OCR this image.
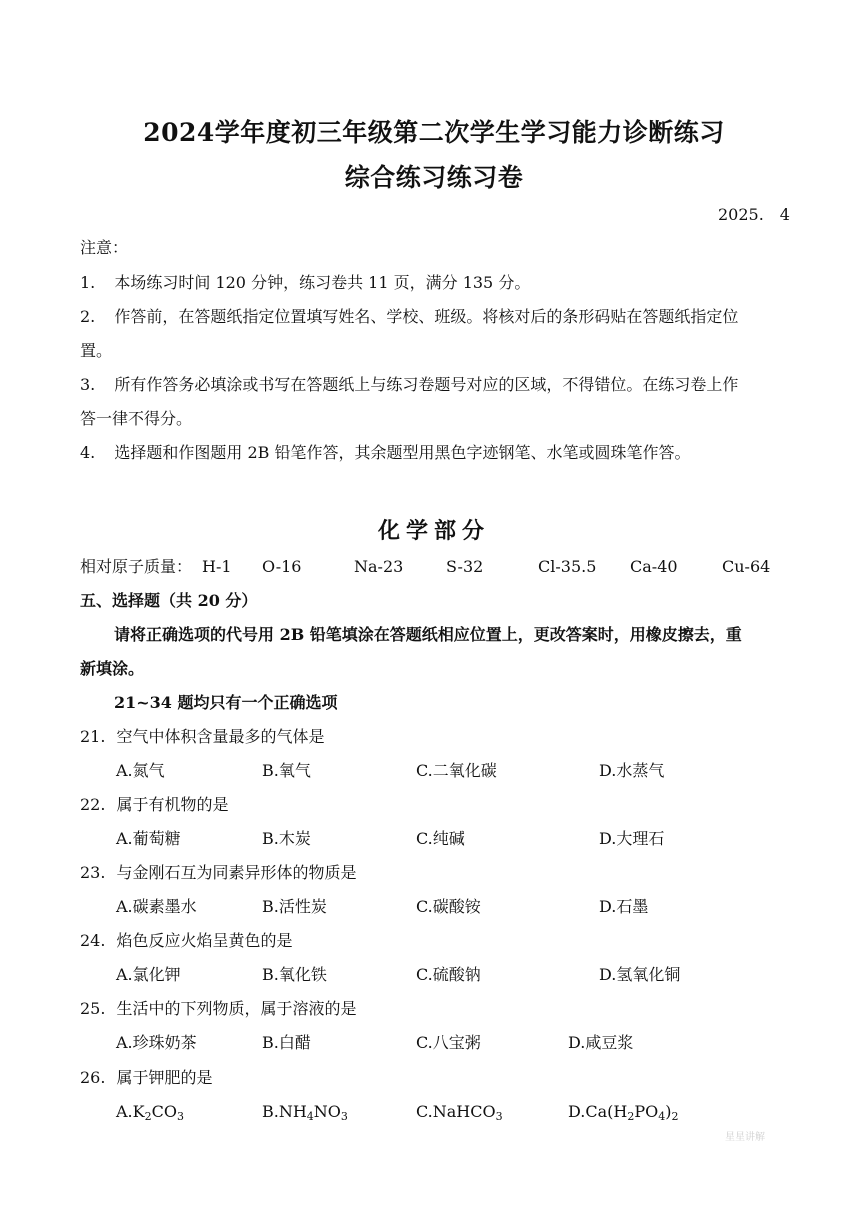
2024学年度初三年级第二次学生学习能力诊断练习
综合练习练习卷
2025.　4
注意：
1. 本场练习时间 120 分钟，练习卷共 11 页，满分 135 分。
2. 作答前，在答题纸指定位置填写姓名、学校、班级。将核对后的条形码贴在答题纸指定位
置。
3. 所有作答务必填涂或书写在答题纸上与练习卷题号对应的区域，不得错位。在练习卷上作
答一律不得分。
4. 选择题和作图题用 2B 铅笔作答，其余题型用黑色字迹钢笔、水笔或圆珠笔作答。
化学部分
相对原子质量： H-1 O-16	Na-23	S-32	Cl-35.5 Ca-40	Cu-64
五、选择题（共 20 分）
请将正确选项的代号用 2B 铅笔填涂在答题纸相应位置上，更改答案时，用橡皮擦去，重
新填涂。
21~34 题均只有一个正确选项
21. 空气中体积含量最多的气体是
A.氮气	B.氧气	C.二氧化碳	D.水蒸气
22. 属于有机物的是
A.葡萄糖	B.木炭	C.纯碱	D.大理石
23. 与金刚石互为同素异形体的物质是
A.碳素墨水	B.活性炭	C.碳酸铵	D.石墨
24. 焰色反应火焰呈黄色的是
A.氯化钾	B.氧化铁	C.硫酸钠	D.氢氧化铜
25. 生活中的下列物质，属于溶液的是
A.珍珠奶茶	B.白醋	C.八宝粥	D.咸豆浆
26. 属于钾肥的是
$A.K_2CO_3$	$B.NH_4NO_3$	C.NaHCO$_3$	$D.Ca(H_2PO_4)_2$
星星讲解
